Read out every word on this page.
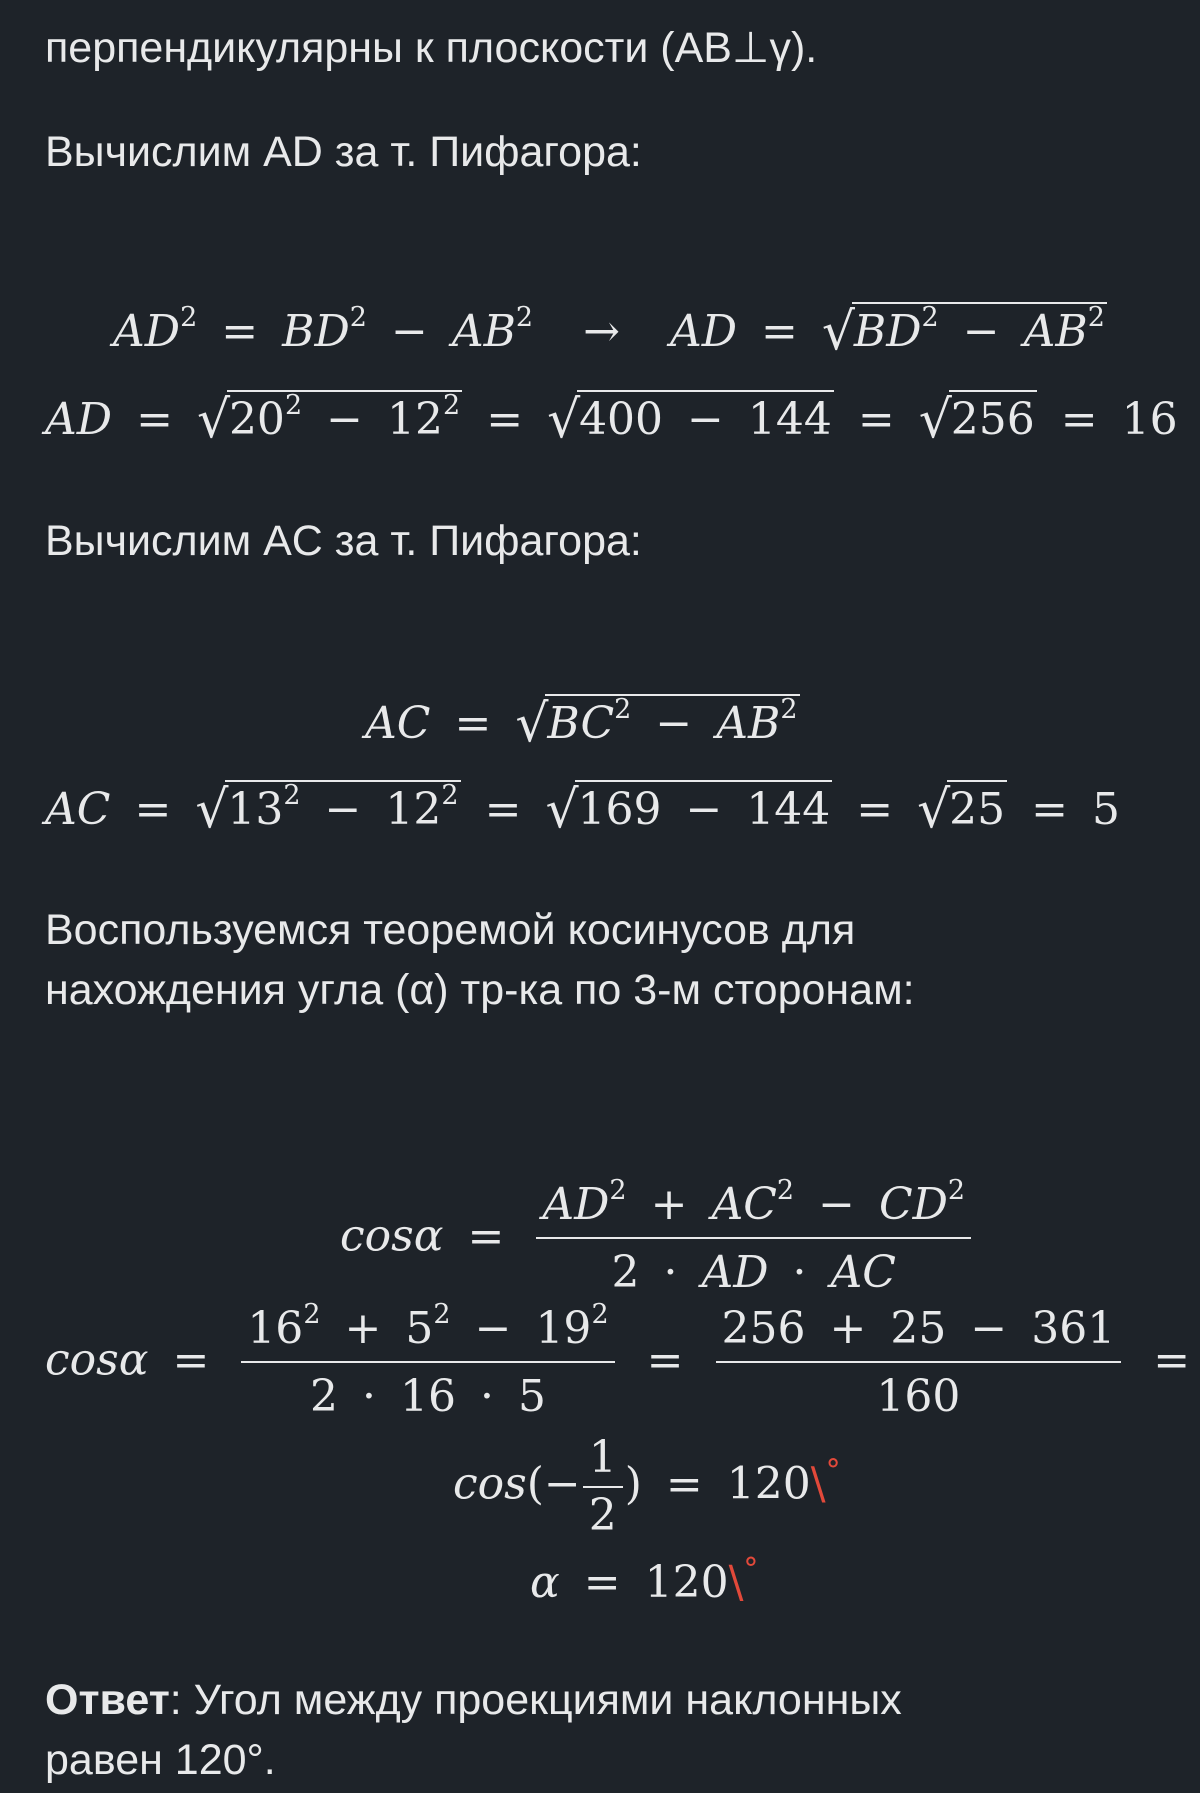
перпендикулярны к плоскости (AB⊥γ).

Вычислим AD за т. Пифагора:

$AD^2 = BD^2 - AB^2$ → AD = √
$BD^2 - AB^2$
AD = √
$20^2 - 12^2$ = √
400 − 144 = √
256 = 16

Вычислим AC за т. Пифагора:

AC = √
$BC^2 - AB^2$
AC = √
$13^2 - 12^2$ = √
169 − 144 = √
25 = 5

Воспользуемся теоремой косинусов для

нахождения угла (α) тр-ка по 3-м сторонам:

$\cos\alpha = \frac{AD^2 + AC^2 - CD^2}{2 \cdot AD \cdot AC}$
$\cos\alpha = \frac{16^2 + 5^2 - 19^2}{2 \cdot 16 \cdot 5} = \frac{256 + 25 - 361}{160}$ =
$\cos(- \frac{1}{2}$ ) = 120\°
α = 120\°

Ответ: Угол между проекциями наклонных

равен 120°.
